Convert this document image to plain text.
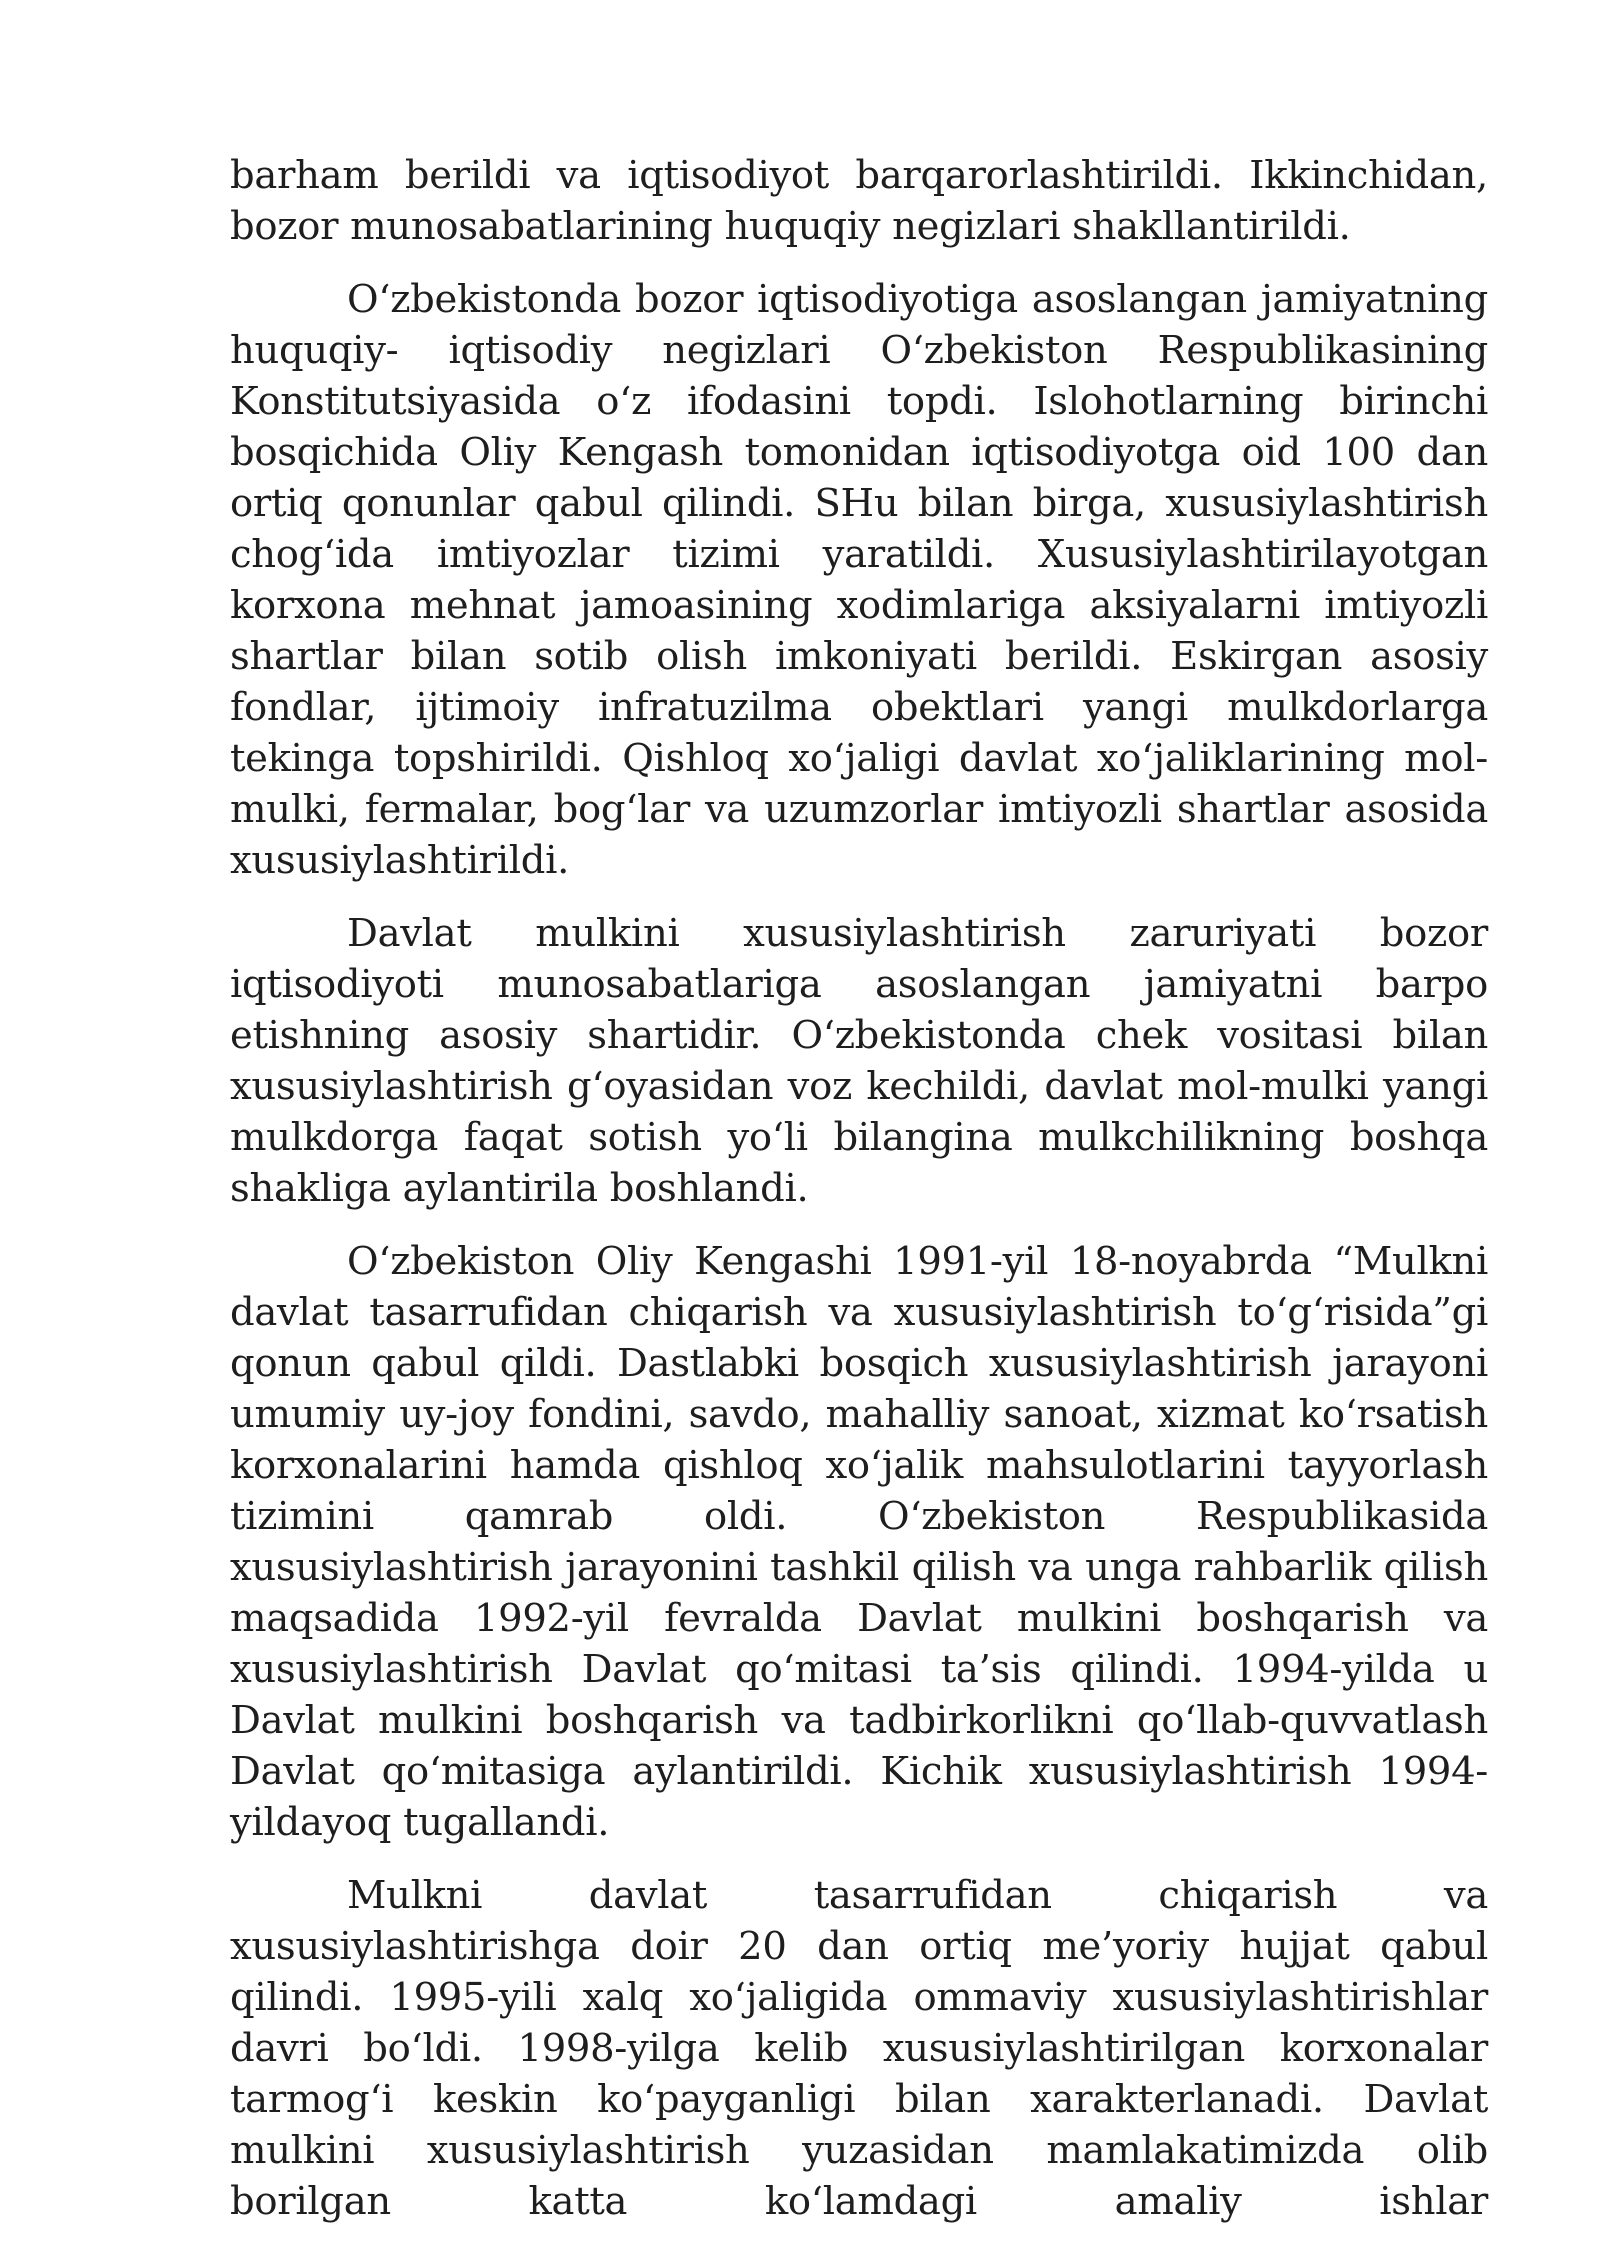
barham berildi va iqtisodiyot barqarorlashtirildi. Ikkinchidan, bozor munosabatlarining huquqiy negizlari shakllantirildi.

O‘zbekistonda bozor iqtisodiyotiga asoslangan jamiyatning huquqiy- iqtisodiy negizlari O‘zbekiston Respublikasining Konstitutsiyasida o‘z ifodasini topdi. Islohotlarning birinchi bosqichida Oliy Kengash tomonidan iqtisodiyotga oid 100 dan ortiq qonunlar qabul qilindi. SHu bilan birga, xususiylashtirish chog‘ida imtiyozlar tizimi yaratildi. Xususiylashtirilayotgan korxona mehnat jamoasining xodimlariga aksiyalarni imtiyozli shartlar bilan sotib olish imkoniyati berildi. Eskirgan asosiy fondlar, ijtimoiy infratuzilma obektlari yangi mulkdorlarga tekinga topshirildi. Qishloq xo‘jaligi davlat xo‘jaliklarining mol- mulki, fermalar, bog‘lar va uzumzorlar imtiyozli shartlar asosida xususiylashtirildi.

Davlat mulkini xususiylashtirish zaruriyati bozor iqtisodiyoti munosabatlariga asoslangan jamiyatni barpo etishning asosiy shartidir. O‘zbekistonda chek vositasi bilan xususiylashtirish g‘oyasidan voz kechildi, davlat mol-mulki yangi mulkdorga faqat sotish yo‘li bilangina mulkchilikning boshqa shakliga aylantirila boshlandi.

O‘zbekiston Oliy Kengashi 1991-yil 18-noyabrda “Mulkni davlat tasarrufidan chiqarish va xususiylashtirish to‘g‘risida”gi qonun qabul qildi. Dastlabki bosqich xususiylashtirish jarayoni umumiy uy-joy fondini, savdo, mahalliy sanoat, xizmat ko‘rsatish korxonalarini hamda qishloq xo‘jalik mahsulotlarini tayyorlash tizimini qamrab oldi. O‘zbekiston Respublikasida xususiylashtirish jarayonini tashkil qilish va unga rahbarlik qilish maqsadida 1992-yil fevralda Davlat mulkini boshqarish va xususiylashtirish Davlat qo‘mitasi ta’sis qilindi. 1994-yilda u Davlat mulkini boshqarish va tadbirkorlikni qo‘llab-quvvatlash Davlat qo‘mitasiga aylantirildi. Kichik xususiylashtirish 1994-yildayoq tugallandi.

Mulkni davlat tasarrufidan chiqarish va xususiylashtirishga doir 20 dan ortiq me’yoriy hujjat qabul qilindi. 1995-yili xalq xo‘jaligida ommaviy xususiylashtirishlar davri bo‘ldi. 1998-yilga kelib xususiylashtirilgan korxonalar tarmog‘i keskin ko‘payganligi bilan xarakterlanadi. Davlat mulkini xususiylashtirish yuzasidan mamlakatimizda olib borilgan katta ko‘lamdagi amaliy ishlar
